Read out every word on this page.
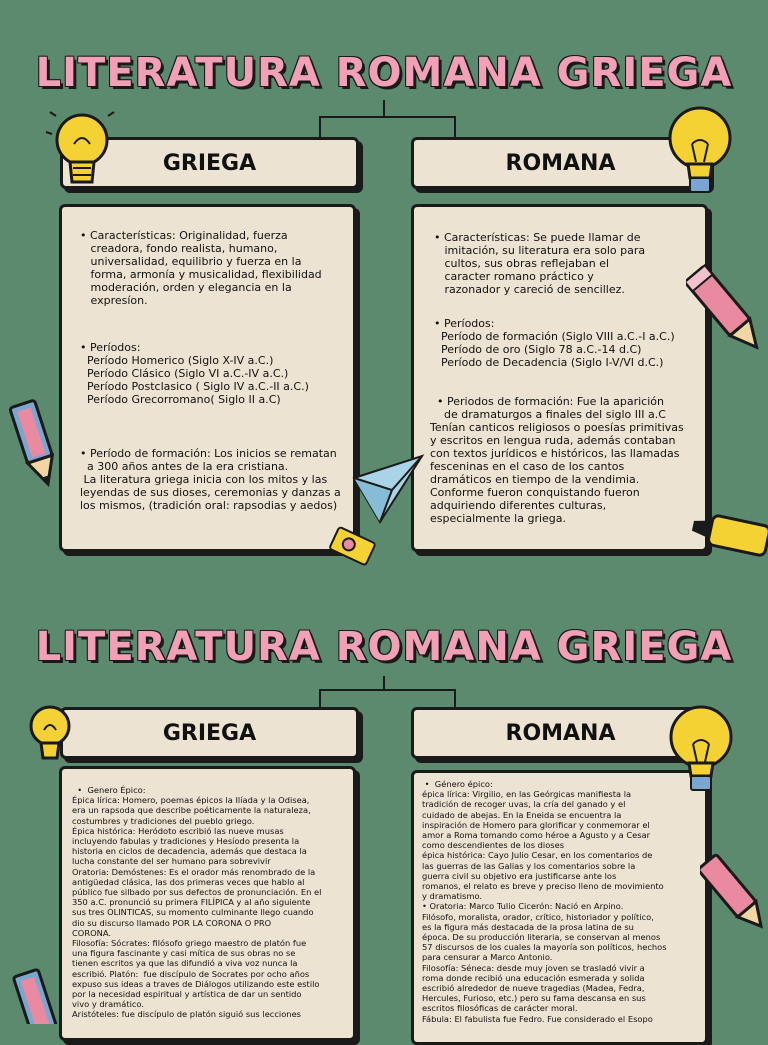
LITERATURA ROMANA GRIEGA
GRIEGA	ROMANA
• Características: Originalidad, fuerza
creadora, fondo realista, humano,
universalidad, equilibrio y fuerza en la
forma, armonía y musicalidad, flexibilidad
moderación, orden y elegancia en la
expresíon.
• Períodos:
Período Homerico (Siglo X-IV a.C.)
Período Clásico (Siglo VI a.C.-IV a.C.)
Período Postclasico ( Siglo IV a.C.-II a.C.)
Período Grecorromano( Siglo II a.C)
• Período de formación: Los inicios se rematan
a 300 años antes de la era cristiana.
La literatura griega inicia con los mitos y las
leyendas de sus dioses, ceremonias y danzas a
los mismos, (tradición oral: rapsodias y aedos)
• Características: Se puede llamar de
imitación, su literatura era solo para
cultos, sus obras reflejaban el
caracter romano práctico y
razonador y careció de sencillez.
• Períodos:
Período de formación (Siglo VIII a.C.-I a.C.)
Período de oro (Siglo 78 a.C.-14 d.C)
Período de Decadencia (Siglo I-V/VI d.C.)
• Periodos de formación: Fue la aparición
de dramaturgos a finales del siglo III a.C
Tenían canticos religiosos o poesías primitivas
y escritos en lengua ruda, además contaban
con textos jurídicos e históricos, las llamadas
fesceninas en el caso de los cantos
dramáticos en tiempo de la vendimia.
Conforme fueron conquistando fueron
adquiriendo diferentes culturas,
especialmente la griega.
LITERATURA ROMANA GRIEGA
GRIEGA	ROMANA
•  Genero Épico:
Épica lírica: Homero, poemas épicos la Ilíada y la Odisea,
era un rapsoda que describe poéticamente la naturaleza,
costumbres y tradiciones del pueblo griego.
Épica histórica: Heródoto escribió las nueve musas
incluyendo fabulas y tradiciones y Hesíodo presenta la
historia en ciclos de decadencia, además que destaca la
lucha constante del ser humano para sobrevivir
Oratoria: Demóstenes: Es el orador más renombrado de la
antigüedad clásica, las dos primeras veces que hablo al
público fue silbado por sus defectos de pronunciación. En el
350 a.C. pronunció su primera FILÍPICA y al año siguiente
sus tres OLINTICAS, su momento culminante llego cuando
dio su discurso llamado POR LA CORONA O PRO
CORONA.
Filosofía: Sócrates: filósofo griego maestro de platón fue
una figura fascinante y casi mítica de sus obras no se
tienen escritos ya que las difundió a viva voz nunca la
escribió. Platón:  fue discípulo de Socrates por ocho años
expuso sus ideas a traves de Diálogos utilizando este estilo
por la necesidad espiritual y artística de dar un sentido
vivo y dramático.
Aristóteles: fue discípulo de platón siguió sus lecciones
•  Género épico:
épica lírica: Virgilio, en las Geórgicas manifiesta la
tradición de recoger uvas, la cría del ganado y el
cuidado de abejas. En la Eneida se encuentra la
inspiración de Homero para glorificar y conmemorar el
amor a Roma tomando como héroe a Agusto y a Cesar
como descendientes de los dioses
épica histórica: Cayo Julio Cesar, en los comentarios de
las guerras de las Galias y los comentarios sobre la
guerra civil su objetivo era justificarse ante los
romanos, el relato es breve y preciso lleno de movimiento
y dramatismo.
• Oratoria: Marco Tulio Cicerón: Nació en Arpino.
Filósofo, moralista, orador, crítico, historiador y político,
es la figura más destacada de la prosa latina de su
época. De su producción literaria, se conservan al menos
57 discursos de los cuales la mayoría son políticos, hechos
para censurar a Marco Antonio.
Filosofía: Séneca: desde muy joven se trasladó vivir a
roma donde recibió una educación esmerada y solida
escribió alrededor de nueve tragedias (Madea, Fedra,
Hercules, Furioso, etc.) pero su fama descansa en sus
escritos filosóficas de carácter moral.
Fábula: El fabulista fue Fedro. Fue considerado el Esopo
